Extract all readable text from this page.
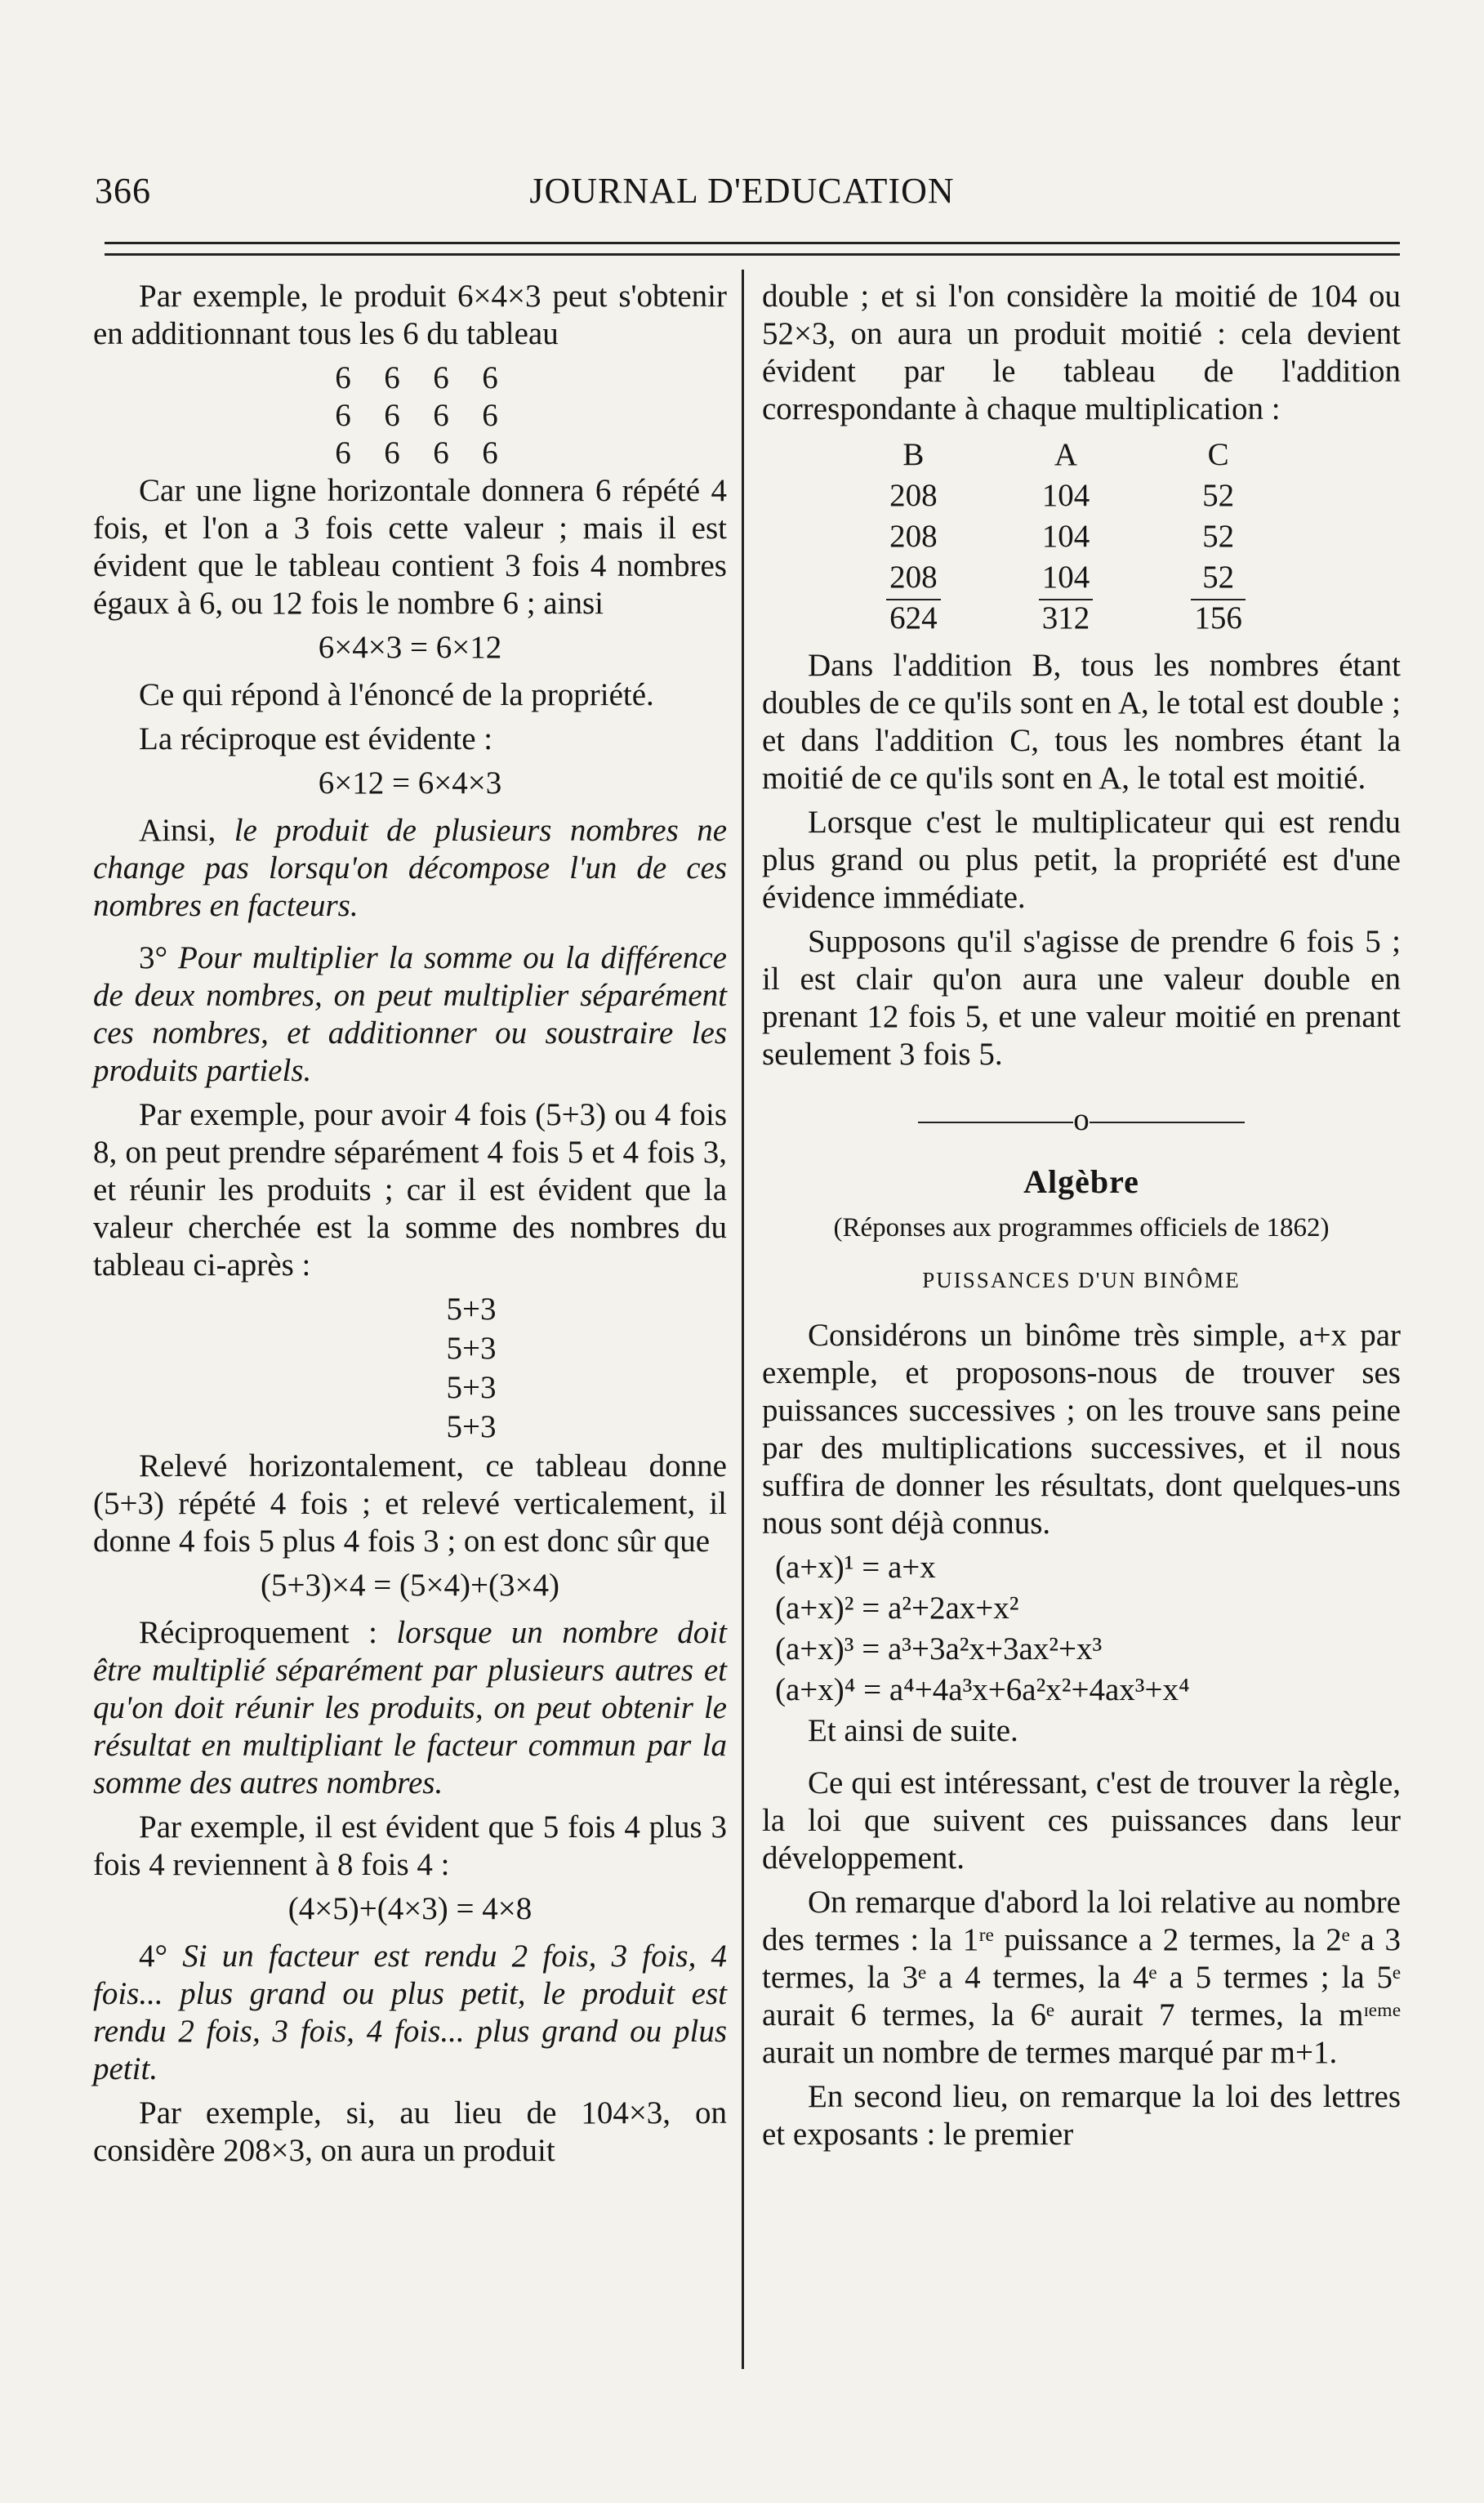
366	JOURNAL D'EDUCATION

Par exemple, le produit 6×4×3 peut s'obtenir en additionnant tous les 6 du tableau

6	6	6	6
6	6	6	6
6	6	6	6

Car une ligne horizontale donnera 6 répété 4 fois, et l'on a 3 fois cette valeur ; mais il est évident que le tableau contient 3 fois 4 nombres égaux à 6, ou 12 fois le nombre 6 ; ainsi

6×4×3 = 6×12

Ce qui répond à l'énoncé de la propriété.

La réciproque est évidente :

6×12 = 6×4×3

Ainsi, le produit de plusieurs nombres ne change pas lorsqu'on décompose l'un de ces nombres en facteurs.

3° Pour multiplier la somme ou la différence de deux nombres, on peut multiplier séparément ces nombres, et additionner ou soustraire les produits partiels.

Par exemple, pour avoir 4 fois (5+3) ou 4 fois 8, on peut prendre séparément 4 fois 5 et 4 fois 3, et réunir les produits ; car il est évident que la valeur cherchée est la somme des nombres du tableau ci-après :

5+3
5+3
5+3
5+3

Relevé horizontalement, ce tableau donne (5+3) répété 4 fois ; et relevé verticalement, il donne 4 fois 5 plus 4 fois 3 ; on est donc sûr que

(5+3)×4 = (5×4)+(3×4)

Réciproquement : lorsque un nombre doit être multiplié séparément par plusieurs autres et qu'on doit réunir les produits, on peut obtenir le résultat en multipliant le facteur commun par la somme des autres nombres.

Par exemple, il est évident que 5 fois 4 plus 3 fois 4 reviennent à 8 fois 4 :

(4×5)+(4×3) = 4×8

4° Si un facteur est rendu 2 fois, 3 fois, 4 fois... plus grand ou plus petit, le produit est rendu 2 fois, 3 fois, 4 fois... plus grand ou plus petit.

Par exemple, si, au lieu de 104×3, on considère 208×3, on aura un produit

double ; et si l'on considère la moitié de 104 ou 52×3, on aura un produit moitié : cela devient évident par le tableau de l'addition correspondante à chaque multiplication :

B	A	C
208	104	52
208	104	52
208	104	52
624	312	156

Dans l'addition B, tous les nombres étant doubles de ce qu'ils sont en A, le total est double ; et dans l'addition C, tous les nombres étant la moitié de ce qu'ils sont en A, le total est moitié.

Lorsque c'est le multiplicateur qui est rendu plus grand ou plus petit, la propriété est d'une évidence immédiate.

Supposons qu'il s'agisse de prendre 6 fois 5 ; il est clair qu'on aura une valeur double en prenant 12 fois 5, et une valeur moitié en prenant seulement 3 fois 5.

o
Algèbre
(Réponses aux programmes officiels de 1862)
PUISSANCES D'UN BINÔME

Considérons un binôme très simple, a+x par exemple, et proposons-nous de trouver ses puissances successives ; on les trouve sans peine par des multiplications successives, et il nous suffira de donner les résultats, dont quelques-uns nous sont déjà connus.

(a+x)¹ = a+x
(a+x)² = a²+2ax+x²
(a+x)³ = a³+3a²x+3ax²+x³
(a+x)⁴ = a⁴+4a³x+6a²x²+4ax³+x⁴

Et ainsi de suite.

Ce qui est intéressant, c'est de trouver la règle, la loi que suivent ces puissances dans leur développement.

On remarque d'abord la loi relative au nombre des termes : la 1ʳᵉ puissance a 2 termes, la 2ᵉ a 3 termes, la 3ᵉ a 4 termes, la 4ᵉ a 5 termes ; la 5ᵉ aurait 6 termes, la 6ᵉ aurait 7 termes, la mᶦᵉᵐᵉ aurait un nombre de termes marqué par m+1.

En second lieu, on remarque la loi des lettres et exposants : le premier
